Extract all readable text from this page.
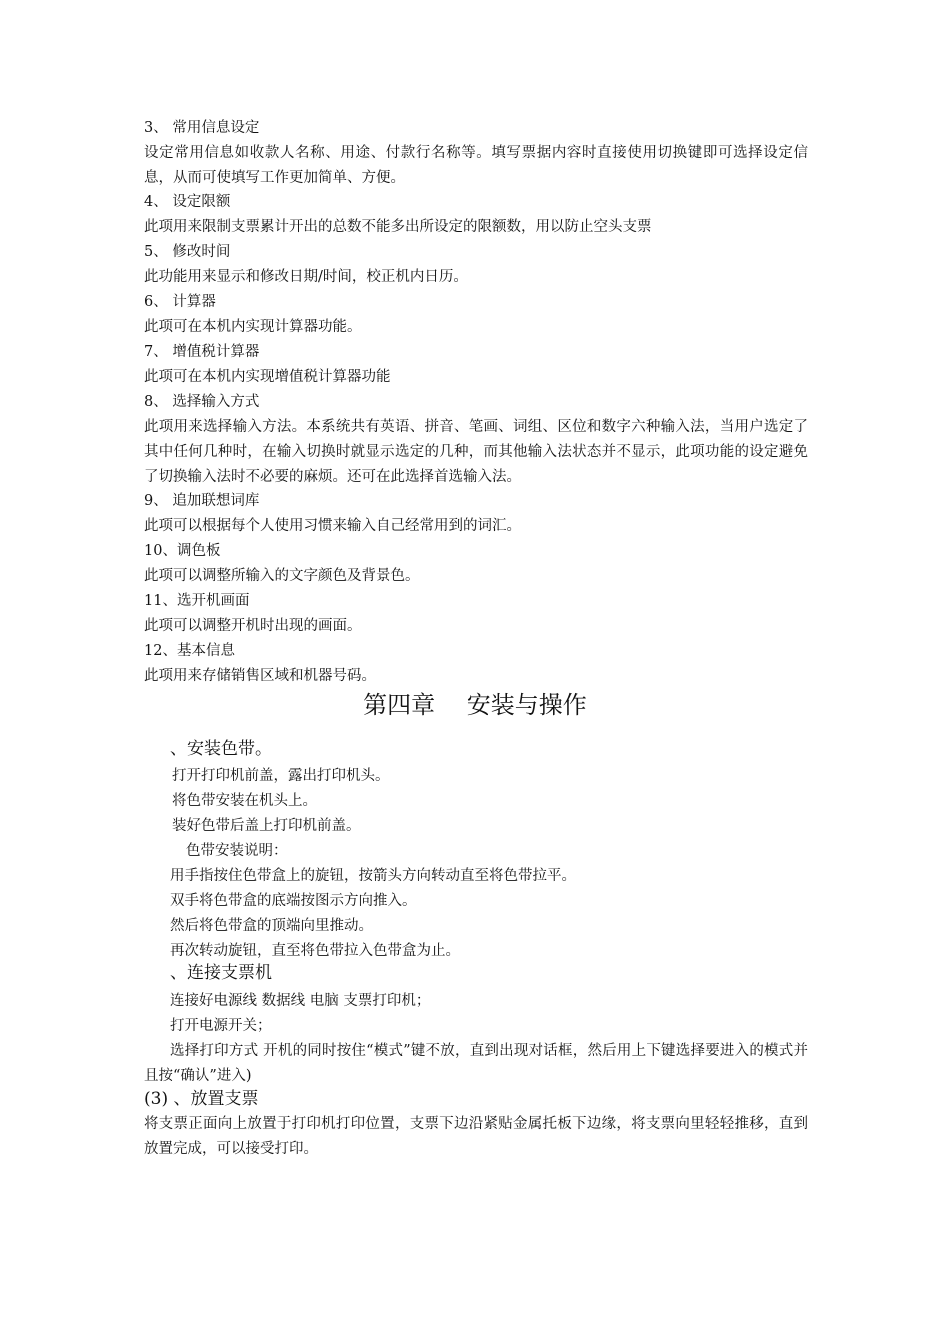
3、 常用信息设定
设定常用信息如收款人名称、用途、付款行名称等。填写票据内容时直接使用切换键即可选择设定信息，从而可使填写工作更加简单、方便。
4、 设定限额
此项用来限制支票累计开出的总数不能多出所设定的限额数，用以防止空头支票
5、 修改时间
此功能用来显示和修改日期/时间，校正机内日历。
6、 计算器
此项可在本机内实现计算器功能。
7、 增值税计算器
此项可在本机内实现增值税计算器功能
8、 选择输入方式
此项用来选择输入方法。本系统共有英语、拼音、笔画、词组、区位和数字六种输入法，当用户选定了其中任何几种时，在输入切换时就显示选定的几种，而其他输入法状态并不显示，此项功能的设定避免了切换输入法时不必要的麻烦。还可在此选择首选输入法。
9、 追加联想词库
此项可以根据每个人使用习惯来输入自己经常用到的词汇。
10、调色板
此项可以调整所输入的文字颜色及背景色。
11、选开机画面
此项可以调整开机时出现的画面。
12、基本信息
此项用来存储销售区域和机器号码。
第四章　 安装与操作
、安装色带。
打开打印机前盖，露出打印机头。
将色带安装在机头上。
装好色带后盖上打印机前盖。
色带安装说明：
用手指按住色带盒上的旋钮，按箭头方向转动直至将色带拉平。
双手将色带盒的底端按图示方向推入。
然后将色带盒的顶端向里推动。
再次转动旋钮，直至将色带拉入色带盒为止。
、连接支票机
连接好电源线 数据线 电脑 支票打印机；
打开电源开关；
选择打印方式 开机的同时按住“模式”键不放，直到出现对话框，然后用上下键选择要进入的模式并且按“确认”进入)
(3) 、放置支票
将支票正面向上放置于打印机打印位置，支票下边沿紧贴金属托板下边缘，将支票向里轻轻推移，直到放置完成，可以接受打印。
